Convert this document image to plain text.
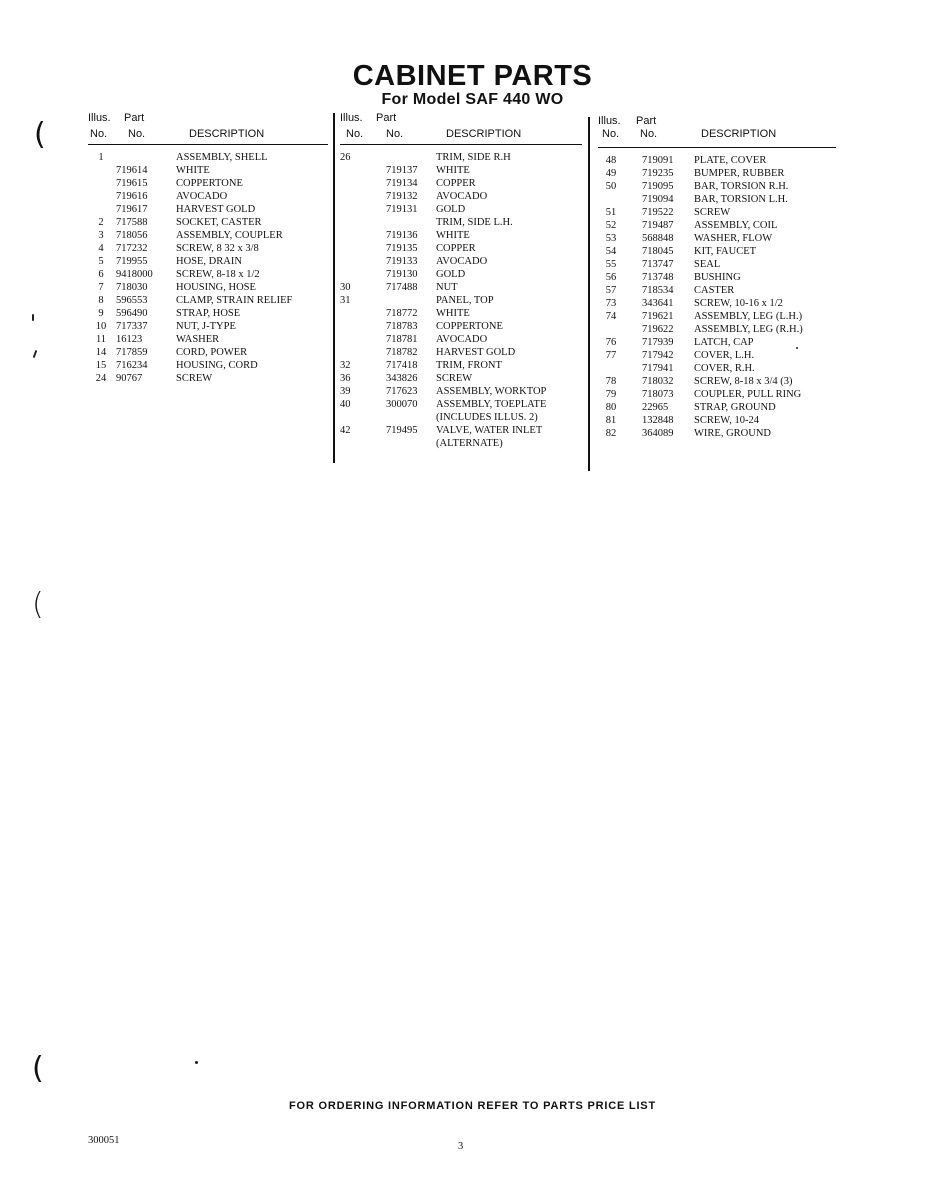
CABINET PARTS
For Model SAF 440 WO
Illus. Part
No. No.	DESCRIPTION
1	ASSEMBLY, SHELL
719614	WHITE
719615	COPPERTONE
719616	AVOCADO
719617	HARVEST GOLD
2	717588	SOCKET, CASTER
3	718056	ASSEMBLY, COUPLER
4	717232	SCREW, 8 32 x 3/8
5	719955	HOSE, DRAIN
6	9418000 SCREW, 8-18 x 1/2
7	718030	HOUSING, HOSE
8	596553	CLAMP, STRAIN RELIEF
9	596490	STRAP, HOSE
10 717337	NUT, J-TYPE
11 16123	WASHER
14 717859	CORD, POWER
15 716234	HOUSING, CORD
24 90767	SCREW
Illus. Part
No. No.	DESCRIPTION
26	TRIM, SIDE R.H
719137 WHITE
719134 COPPER
719132 AVOCADO
719131 GOLD
TRIM, SIDE L.H.
719136 WHITE
719135 COPPER
719133 AVOCADO
719130 GOLD
30	717488 NUT
31	PANEL, TOP
718772 WHITE
718783 COPPERTONE
718781 AVOCADO
718782 HARVEST GOLD
32	717418 TRIM, FRONT
36	343826 SCREW
39	717623 ASSEMBLY, WORKTOP
40	300070 ASSEMBLY, TOEPLATE
(INCLUDES ILLUS. 2)
42	719495 VALVE, WATER INLET
(ALTERNATE)
Illus. Part
No. No.	DESCRIPTION
48	719091 PLATE, COVER
49	719235 BUMPER, RUBBER
50	719095 BAR, TORSION R.H.
719094 BAR, TORSION L.H.
51	719522 SCREW
52	719487 ASSEMBLY, COIL
53	568848 WASHER, FLOW
54	718045 KIT, FAUCET
55	713747 SEAL
56	713748 BUSHING
57	718534 CASTER
73	343641 SCREW, 10-16 x 1/2
74	719621 ASSEMBLY, LEG (L.H.)
719622 ASSEMBLY, LEG (R.H.)
76	717939 LATCH, CAP
77	717942 COVER, L.H.
717941 COVER, R.H.
78	718032 SCREW, 8-18 x 3/4 (3)
79	718073 COUPLER, PULL RING
80	22965 STRAP, GROUND
81	132848 SCREW, 10-24
82	364089 WIRE, GROUND
FOR ORDERING INFORMATION REFER TO PARTS PRICE LIST
300051
3
(
(
(
